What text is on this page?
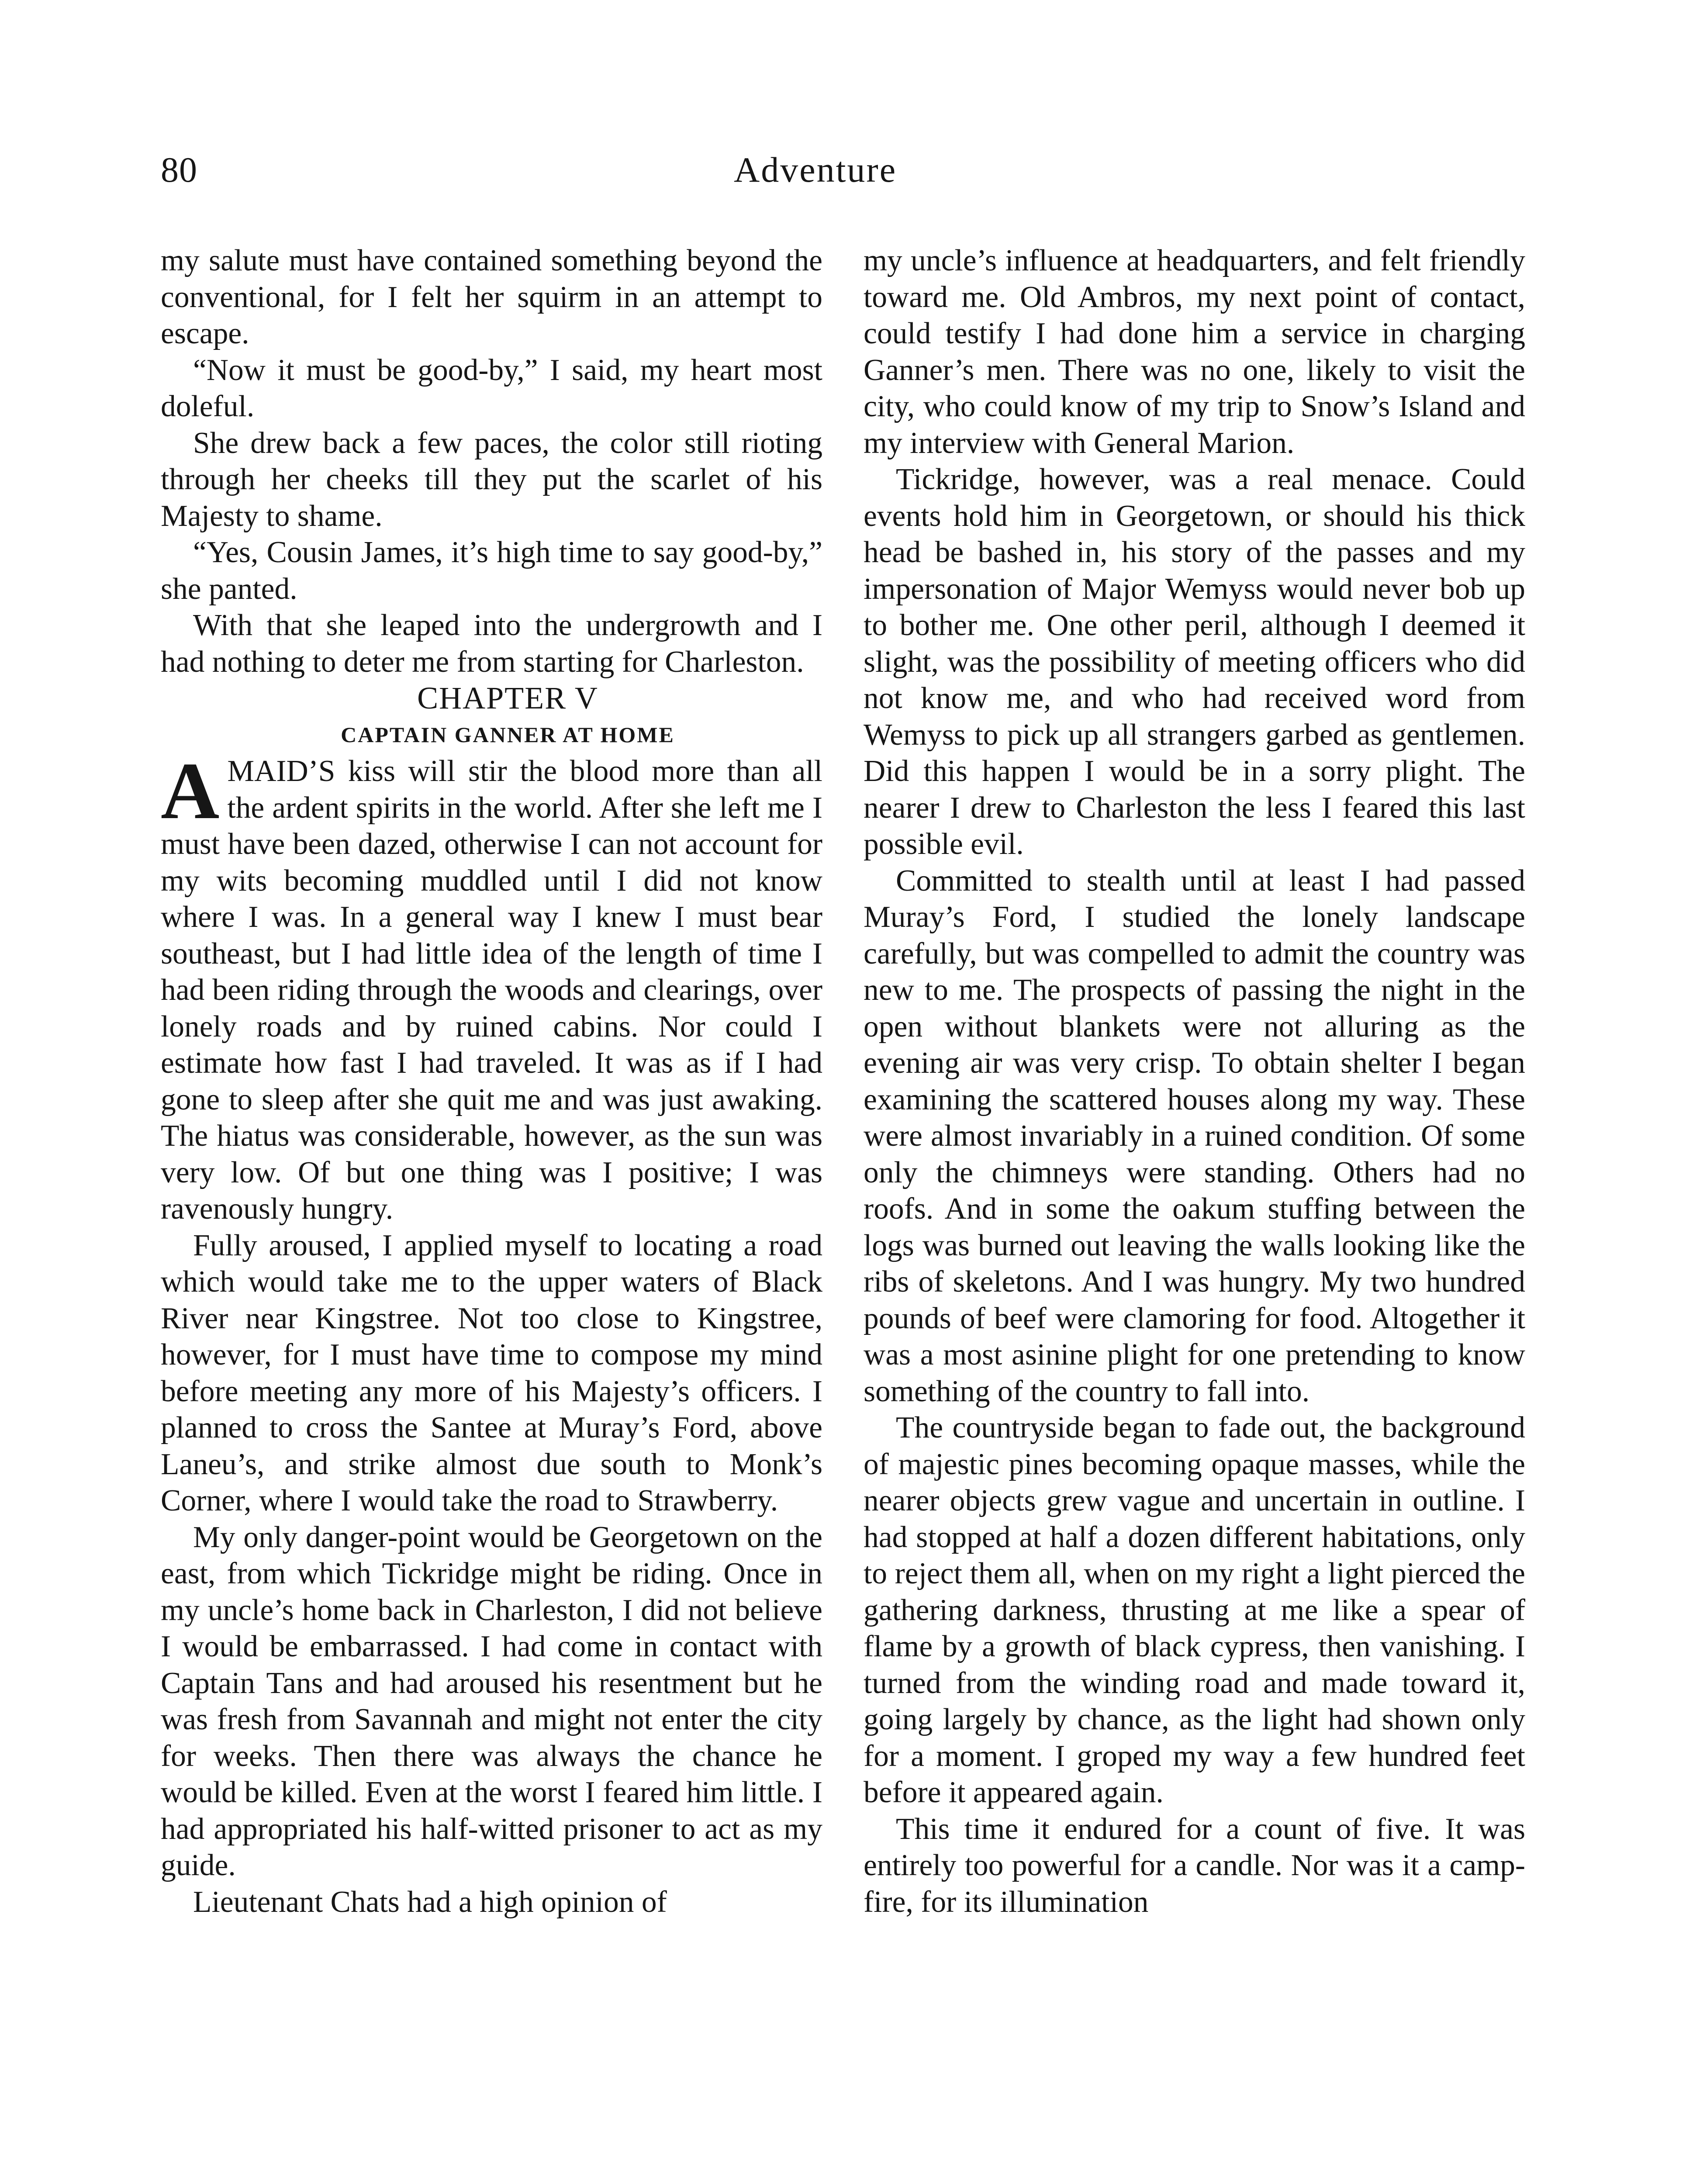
80	Adventure

my salute must have contained something beyond the conventional, for I felt her squirm in an attempt to escape.

“Now it must be good-by,” I said, my heart most doleful.

She drew back a few paces, the color still rioting through her cheeks till they put the scarlet of his Majesty to shame.

“Yes, Cousin James, it’s high time to say good-by,” she panted.

With that she leaped into the undergrowth and I had nothing to deter me from starting for Charleston.

CHAPTER V

CAPTAIN GANNER AT HOME

AMAID’S kiss will stir the blood more than all the ardent spirits in the world. After she left me I must have been dazed, otherwise I can not account for my wits becoming muddled until I did not know where I was. In a general way I knew I must bear southeast, but I had little idea of the length of time I had been riding through the woods and clearings, over lonely roads and by ruined cabins. Nor could I estimate how fast I had traveled. It was as if I had gone to sleep after she quit me and was just awaking. The hiatus was considerable, however, as the sun was very low. Of but one thing was I positive; I was ravenously hungry.

Fully aroused, I applied myself to locating a road which would take me to the upper waters of Black River near Kingstree. Not too close to Kingstree, however, for I must have time to compose my mind before meeting any more of his Majesty’s officers. I planned to cross the Santee at Muray’s Ford, above Laneu’s, and strike almost due south to Monk’s Corner, where I would take the road to Strawberry.

My only danger-point would be Georgetown on the east, from which Tickridge might be riding. Once in my uncle’s home back in Charleston, I did not believe I would be embarrassed. I had come in contact with Captain Tans and had aroused his resentment but he was fresh from Savannah and might not enter the city for weeks. Then there was always the chance he would be killed. Even at the worst I feared him little. I had appropriated his half-witted prisoner to act as my guide.

Lieutenant Chats had a high opinion of

my uncle’s influence at headquarters, and felt friendly toward me. Old Ambros, my next point of contact, could testify I had done him a service in charging Ganner’s men. There was no one, likely to visit the city, who could know of my trip to Snow’s Island and my interview with General Marion.

Tickridge, however, was a real menace. Could events hold him in Georgetown, or should his thick head be bashed in, his story of the passes and my impersonation of Major Wemyss would never bob up to bother me. One other peril, although I deemed it slight, was the possibility of meeting officers who did not know me, and who had received word from Wemyss to pick up all strangers garbed as gentlemen. Did this happen I would be in a sorry plight. The nearer I drew to Charleston the less I feared this last possible evil.

Committed to stealth until at least I had passed Muray’s Ford, I studied the lonely landscape carefully, but was compelled to admit the country was new to me. The prospects of passing the night in the open without blankets were not alluring as the evening air was very crisp. To obtain shelter I began examining the scattered houses along my way. These were almost invariably in a ruined condition. Of some only the chimneys were standing. Others had no roofs. And in some the oakum stuffing between the logs was burned out leaving the walls looking like the ribs of skeletons. And I was hungry. My two hundred pounds of beef were clamoring for food. Altogether it was a most asinine plight for one pretending to know something of the country to fall into.

The countryside began to fade out, the background of majestic pines becoming opaque masses, while the nearer objects grew vague and uncertain in outline. I had stopped at half a dozen different habitations, only to reject them all, when on my right a light pierced the gathering darkness, thrusting at me like a spear of flame by a growth of black cypress, then vanishing. I turned from the winding road and made toward it, going largely by chance, as the light had shown only for a moment. I groped my way a few hundred feet before it appeared again.

This time it endured for a count of five. It was entirely too powerful for a candle. Nor was it a camp-fire, for its illumination
